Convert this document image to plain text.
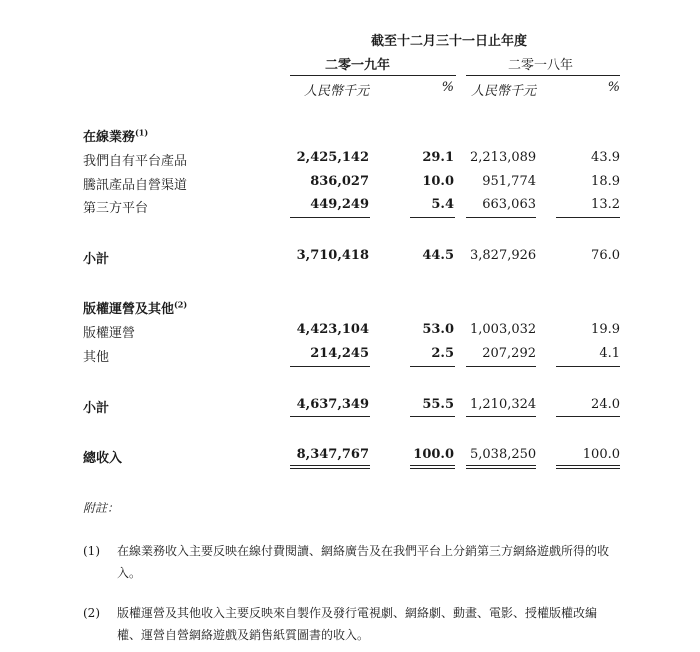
截至十二月三十一日止年度
二零一九年	二零一八年
人民幣千元	% 人民幣千元	%
在線業務$^{(1)}$
我們自有平台產品	2,425,142	29.1 2,213,089	43.9
騰訊產品自營渠道	836,027	10.0	951,774	18.9
第三方平台	449,249	5.4	663,063	13.2
小計	3,710,418	44.5 3,827,926	76.0
版權運營及其他$^{(2)}$
版權運營	4,423,104	53.0 1,003,032	19.9
其他	214,245	2.5	207,292	4.1
小計	4,637,349	55.5 1,210,324	24.0
總收入	8,347,767	100.0 5,038,250	100.0
附註：
(1) 在線業務收入主要反映在線付費閱讀、網絡廣告及在我們平台上分銷第三方網絡遊戲所得的收
入。
(2) 版權運營及其他收入主要反映來自製作及發行電視劇、網絡劇、動畫、電影、授權版權改編
權、運營自營網絡遊戲及銷售紙質圖書的收入。
